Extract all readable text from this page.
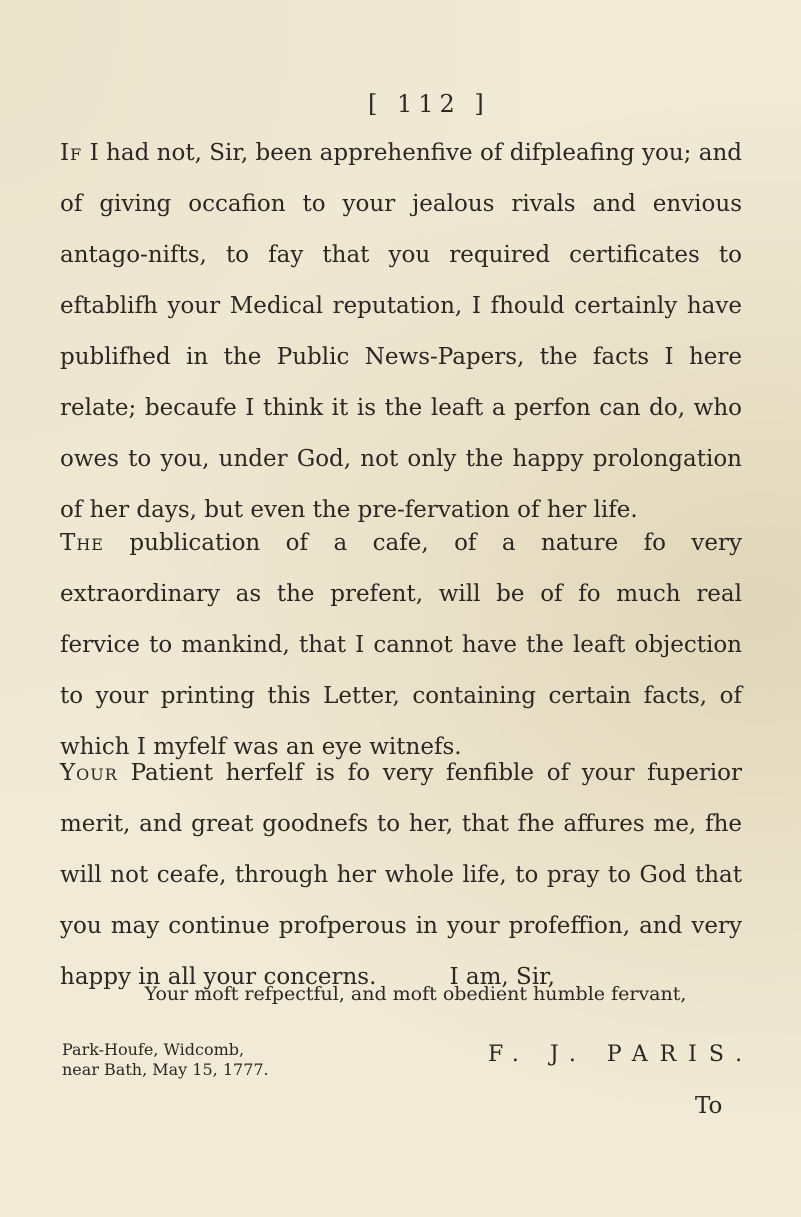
[ 112 ]

If I had not, Sir, been apprehenfive of difpleafing you; and of giving occafion to your jealous rivals and envious antago-nifts, to fay that you required certificates to eftablifh your Medical reputation, I fhould certainly have publifhed in the Public News-Papers, the facts I here relate; becaufe I think it is the leaft a perfon can do, who owes to you, under God, not only the happy prolongation of her days, but even the pre-fervation of her life.

The publication of a cafe, of a nature fo very extraordinary as the prefent, will be of fo much real fervice to mankind, that I cannot have the leaft objection to your printing this Letter, containing certain facts, of which I myfelf was an eye witnefs.

Your Patient herfelf is fo very fenfible of your fuperior merit, and great goodnefs to her, that fhe affures me, fhe will not ceafe, through her whole life, to pray to God that you may continue profperous in your profeffion, and very happy in all your concerns.          I am, Sir,

Your moft refpectful, and moft obedient humble fervant,
Park-Houfe, Widcomb,
near Bath, May 15, 1777.
F. J. PARIS.
To
